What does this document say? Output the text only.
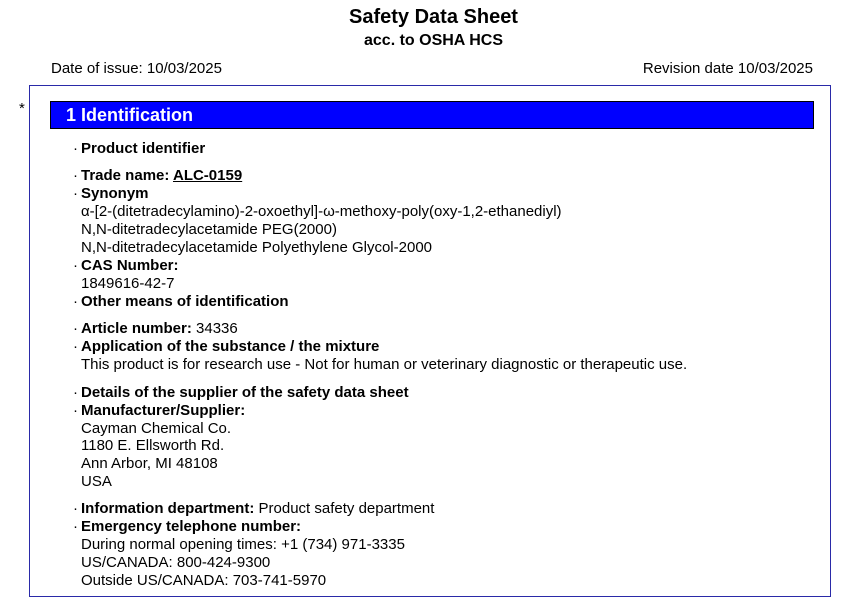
Safety Data Sheet
acc. to OSHA HCS
Date of issue: 10/03/2025	Revision date 10/03/2025
*	1 Identification
·
·
·
·
·
·
·
·
·
·
·
Product identifier
Trade name: ALC-0159
Synonym
α-[2-(ditetradecylamino)-2-oxoethyl]-ω-methoxy-poly(oxy-1,2-ethanediyl)
N,N-ditetradecylacetamide PEG(2000)
N,N-ditetradecylacetamide Polyethylene Glycol-2000
CAS Number:
1849616-42-7
Other means of identification
Article number: 34336
Application of the substance / the mixture
This product is for research use - Not for human or veterinary diagnostic or therapeutic use.
Details of the supplier of the safety data sheet
Manufacturer/Supplier:
Cayman Chemical Co.
1180 E. Ellsworth Rd.
Ann Arbor, MI 48108
USA
Information department: Product safety department
Emergency telephone number:
During normal opening times: +1 (734) 971-3335
US/CANADA: 800-424-9300
Outside US/CANADA: 703-741-5970
